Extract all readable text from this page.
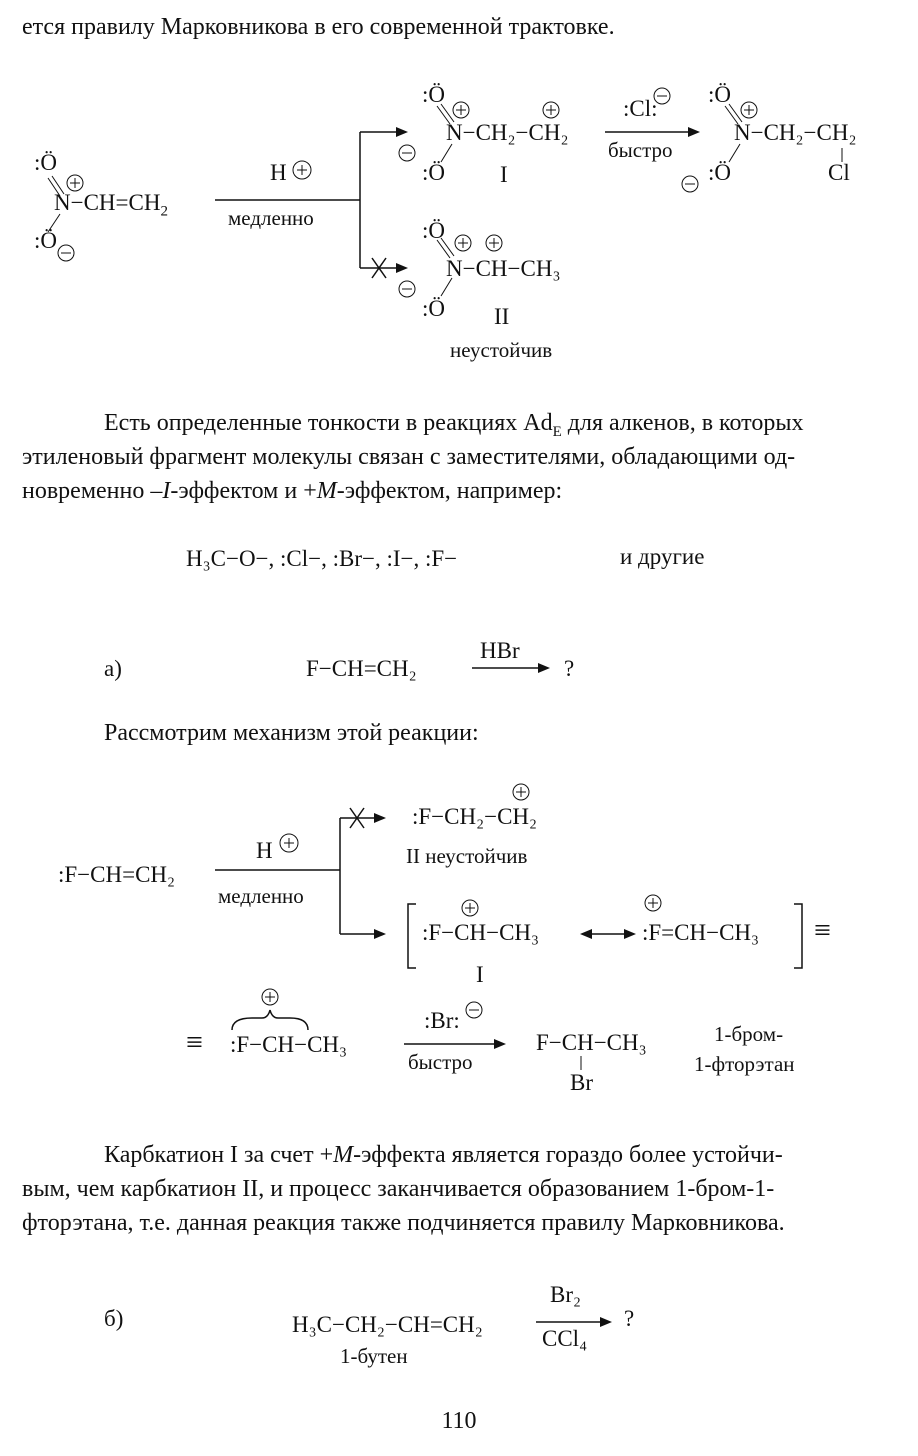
ется правилу Марковникова в его современной трактовке.

:Ö
$N-CH=CH_2$
:Ö
H
медленно
:Ö
N−CH₂−CH₂
:Ö I
:Cl:
быстро
:Ö
N−CH₂−CH₂
:Ö	Cl
:Ö
N−CH−CH₃
:Ö II
неустойчив

Есть определенные тонкости в реакциях $Ad_E$ для алкенов, в которых

этиленовый фрагмент молекулы связан с заместителями, обладающими од-

новременно –I-эффектом и +M-эффектом, например:

H₃C−O−, :Cl−, :Br−, :I−, :F−	и другие
а)	F−CH=CH₂
HBr
?

Рассмотрим механизм этой реакции:

:F−CH=CH₂
H
медленно
:F−CH₂−CH₂
II неустойчив
:F−CH−CH₃	:F=CH−CH₃
I
≡
≡ :F−CH−CH₃
:Br:
быстро
F−CH−CH₃
Br
1-бром-
1-фторэтан

Карбкатион I за счет +M-эффекта является гораздо более устойчи-

вым, чем карбкатион II, и процесс заканчивается образованием 1-бром-1-

фторэтана, т.е. данная реакция также подчиняется правилу Марковникова.

б)	H₃C−CH₂−CH=CH₂
1-бутен
Br₂
CCl₄
?
110
